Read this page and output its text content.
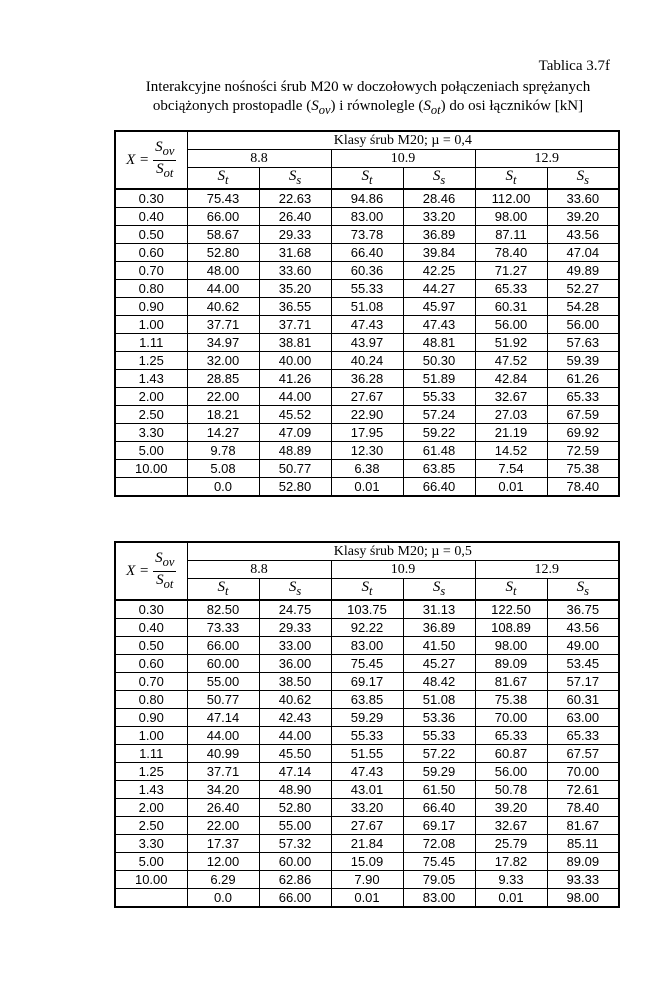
Tablica 3.7f
Interakcyjne nośności śrub M20 w doczołowych połączeniach sprężanych
obciążonych prostopadle $(S_{ov})$ i równolegle $(S_{ot})$ do osi łączników [kN]
$X = \frac{S_{ov}}{S_{ot}}$	Klasy śrub M20; µ = 0,4					
	8.8		10.9		12.9	
	$S_t$	$S_s$	$S_t$	$S_s$	$S_t$	$S_s$
0.30	75.43	22.63	94.86	28.46	112.00	33.60
0.40	66.00	26.40	83.00	33.20	98.00	39.20
0.50	58.67	29.33	73.78	36.89	87.11	43.56
0.60	52.80	31.68	66.40	39.84	78.40	47.04
0.70	48.00	33.60	60.36	42.25	71.27	49.89
0.80	44.00	35.20	55.33	44.27	65.33	52.27
0.90	40.62	36.55	51.08	45.97	60.31	54.28
1.00	37.71	37.71	47.43	47.43	56.00	56.00
1.11	34.97	38.81	43.97	48.81	51.92	57.63
1.25	32.00	40.00	40.24	50.30	47.52	59.39
1.43	28.85	41.26	36.28	51.89	42.84	61.26
2.00	22.00	44.00	27.67	55.33	32.67	65.33
2.50	18.21	45.52	22.90	57.24	27.03	67.59
3.30	14.27	47.09	17.95	59.22	21.19	69.92
5.00	9.78	48.89	12.30	61.48	14.52	72.59
10.00	5.08	50.77	6.38	63.85	7.54	75.38
	0.0	52.80	0.01	66.40	0.01	78.40
$X = \frac{S_{ov}}{S_{ot}}$	Klasy śrub M20; µ = 0,5					
	8.8		10.9		12.9	
	$S_t$	$S_s$	$S_t$	$S_s$	$S_t$	$S_s$
0.30	82.50	24.75	103.75	31.13	122.50	36.75
0.40	73.33	29.33	92.22	36.89	108.89	43.56
0.50	66.00	33.00	83.00	41.50	98.00	49.00
0.60	60.00	36.00	75.45	45.27	89.09	53.45
0.70	55.00	38.50	69.17	48.42	81.67	57.17
0.80	50.77	40.62	63.85	51.08	75.38	60.31
0.90	47.14	42.43	59.29	53.36	70.00	63.00
1.00	44.00	44.00	55.33	55.33	65.33	65.33
1.11	40.99	45.50	51.55	57.22	60.87	67.57
1.25	37.71	47.14	47.43	59.29	56.00	70.00
1.43	34.20	48.90	43.01	61.50	50.78	72.61
2.00	26.40	52.80	33.20	66.40	39.20	78.40
2.50	22.00	55.00	27.67	69.17	32.67	81.67
3.30	17.37	57.32	21.84	72.08	25.79	85.11
5.00	12.00	60.00	15.09	75.45	17.82	89.09
10.00	6.29	62.86	7.90	79.05	9.33	93.33
	0.0	66.00	0.01	83.00	0.01	98.00
